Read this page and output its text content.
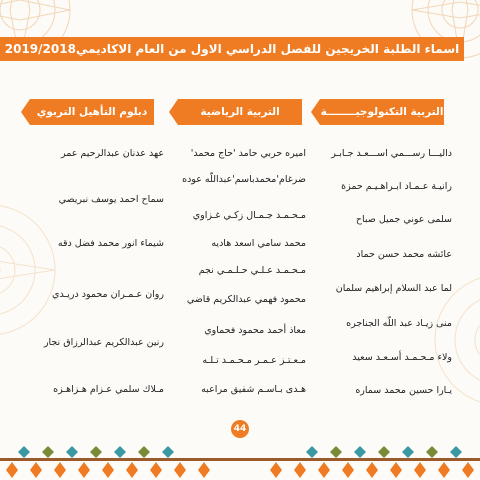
اسماء الطلبة الخريجين للفصل الدراسي الاول من العام الاكاديمي2019/2018
التربية التكنولوجيــــــــة
داليـــا رســـمي اســـعـد جـابـر
رانيـة عـمـاد ابـراهـيـم حمزة
سلمى عوني جميل صباح
عائشه محمد حسن حماد
لما عبد السلام إبراهيم سلمان
منى زيـاد عبد اللّه الجناجره
ولاء مـحـمـد أسـعـد سعيد
يـارا حسين محمد سماره
التربية الرياضية
اميره حربي حامد 'حاج محمد'
ضرغام'محمدباسم'عبداللّه عوده
مـحـمـد جـمـال زكـي غـزاوي
محمد سامي اسعد هاديه
مـحـمـد عـلـي حـلـمـي نجم
محمود فهمي عبدالكريم قاضي
معاذ أحمد محمود فحماوي
مـعـتـز عـمـر مـحـمـد تـلـه
هـدى بـاسـم شفيق مراعبه
دبلوم التأهيل التربوي
عهد عدنان عبدالرحيم عمر
سماح احمد يوسف نبريصي
شيماء انور محمد فضل دقه
روان عـمـران محمود دريـدي
رنين عبدالكريم عبدالرزاق نجار
مـلاك سلمي عـزام هـزاهـزه
44
